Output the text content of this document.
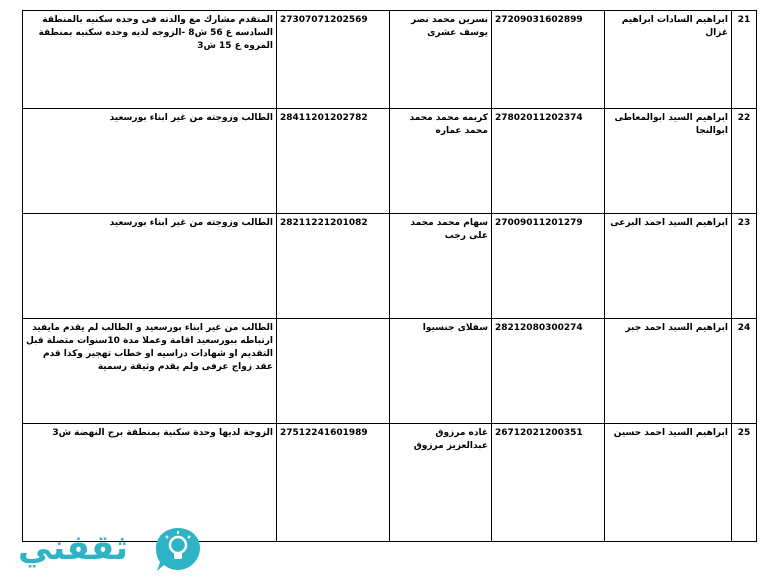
21	ابراهيم السادات ابراهيم غزال	27209031602899	نسرين محمد نصر يوسف عشرى	27307071202569	المتقدم مشارك مع والدته فى وحده سكنيه بالمنطقة السادسه ع 56 ش8 -الزوجه لديه وحده سكنيه بمنطقة المروه ع 15 ش3
22	ابراهيم السيد ابوالمعاطى ابوالنجا	27802011202374	كريمه محمد محمد محمد عماره	28411201202782	الطالب وزوجته من غير ابناء بورسعيد
23	ابراهيم السيد احمد البرعى	27009011201279	سهام محمد محمد على رجب	28211221201082	الطالب وزوجته من غير ابناء بورسعيد
24	ابراهيم السيد احمد جبر	28212080300274	سفلاى جنسيوا		الطالب من غير ابناء بورسعيد و الطالب لم يقدم مايفيد ارتباطه ببورسعيد اقامة وعملا مدة 10سنوات متصلة قبل التقديم او شهادات دراسيه او خطاب تهجير وكذا قدم عقد زواج عرفى ولم يقدم وثيقة رسمية
25	ابراهيم السيد احمد حسين	26712021200351	غاده مرزوق عبدالعزيز مرزوق	27512241601989	الزوجة لديها وحدة سكنية بمنطقة برج النهضة ش3
ثقفني
